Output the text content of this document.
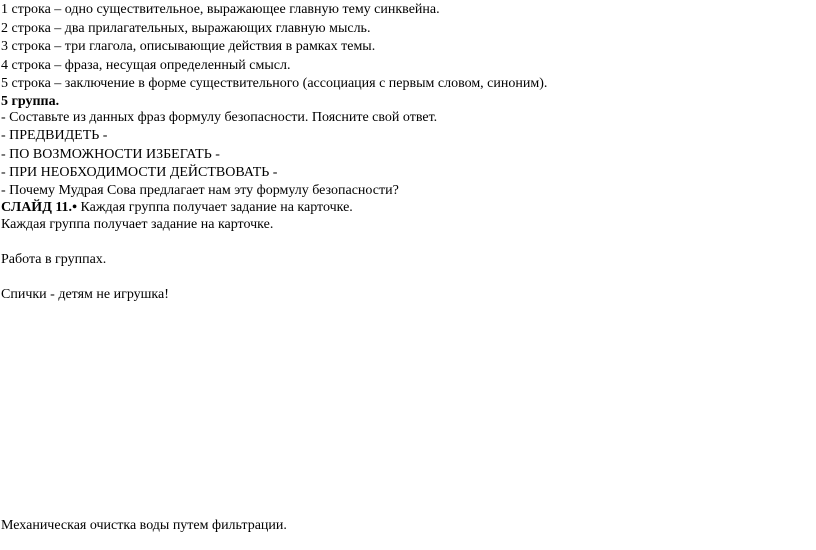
1 строка – одно существительное, выражающее главную тему синквейна.
2 строка – два прилагательных, выражающих главную мысль.
3 строка – три глагола, описывающие действия в рамках темы.
4 строка – фраза, несущая определенный смысл.
5 строка – заключение в форме существительного (ассоциация с первым словом, синоним).
5 группа.
- Составьте из данных фраз формулу безопасности. Поясните свой ответ.
- ПРЕДВИДЕТЬ -
- ПО ВОЗМОЖНОСТИ ИЗБЕГАТЬ -
- ПРИ НЕОБХОДИМОСТИ ДЕЙСТВОВАТЬ -
- Почему Мудрая Сова предлагает нам эту формулу безопасности?
СЛАЙД 11.• Каждая группа получает задание на карточке.
Каждая группа получает задание на карточке.
Работа в группах.
Спички - детям не игрушка!
Механическая очистка воды путем фильтрации.
